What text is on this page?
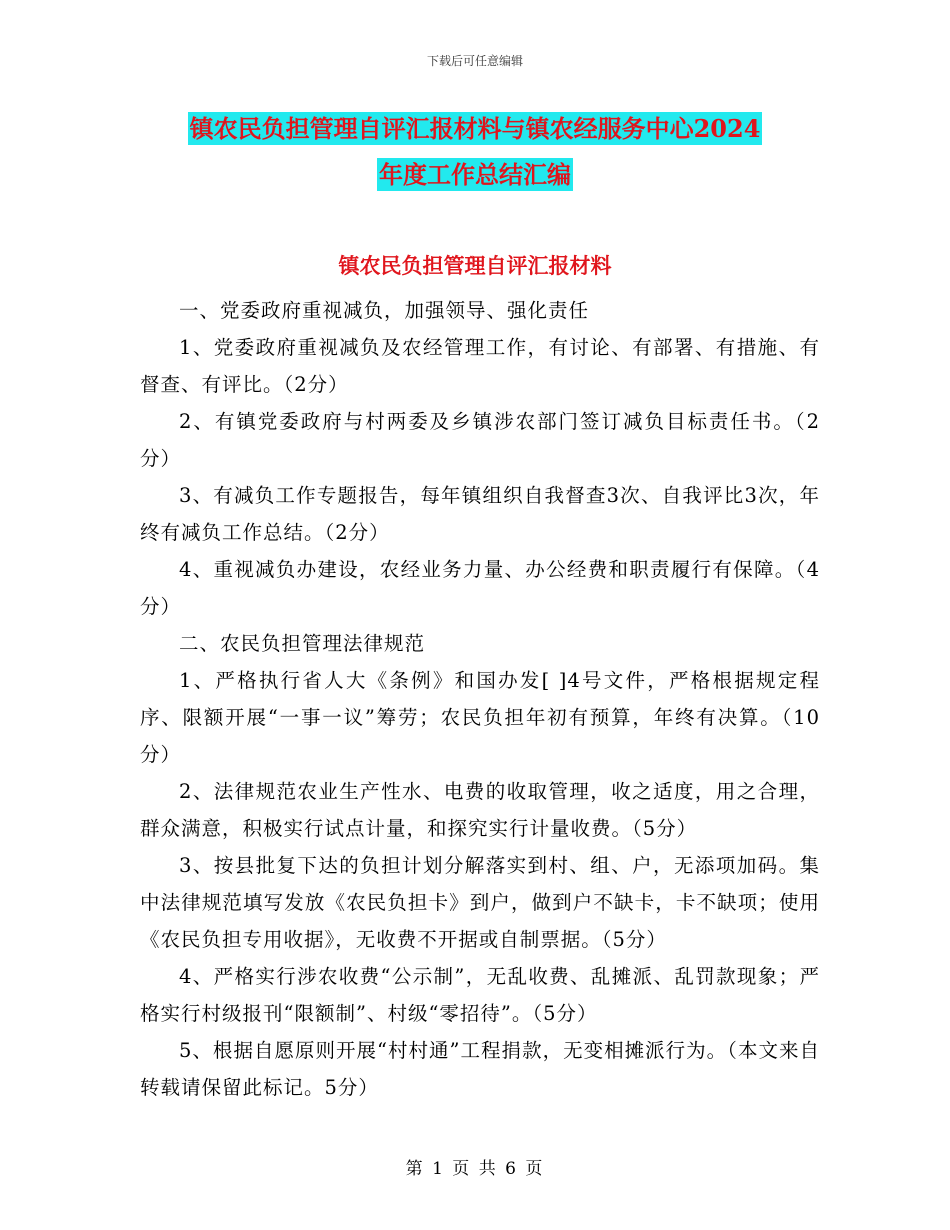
下载后可任意编辑
镇农民负担管理自评汇报材料与镇农经服务中心2024
年度工作总结汇编
镇农民负担管理自评汇报材料

一、党委政府重视减负，加强领导、强化责任

1、党委政府重视减负及农经管理工作，有讨论、有部署、有措施、有督查、有评比。（2分）

2、有镇党委政府与村两委及乡镇涉农部门签订减负目标责任书。（2分）

3、有减负工作专题报告，每年镇组织自我督查3次、自我评比3次，年终有减负工作总结。（2分）

4、重视减负办建设，农经业务力量、办公经费和职责履行有保障。（4分）

二、农民负担管理法律规范

1、严格执行省人大《条例》和国办发[ ]4号文件，严格根据规定程序、限额开展“一事一议”筹劳；农民负担年初有预算，年终有决算。（10分）

2、法律规范农业生产性水、电费的收取管理，收之适度，用之合理，群众满意，积极实行试点计量，和探究实行计量收费。（5分）

3、按县批复下达的负担计划分解落实到村、组、户，无添项加码。集中法律规范填写发放《农民负担卡》到户，做到户不缺卡，卡不缺项；使用《农民负担专用收据》，无收费不开据或自制票据。（5分）

4、严格实行涉农收费“公示制”，无乱收费、乱摊派、乱罚款现象；严格实行村级报刊“限额制”、村级“零招待”。（5分）

5、根据自愿原则开展“村村通”工程捐款，无变相摊派行为。（本文来自转载请保留此标记。5分）

第 1 页 共 6 页
